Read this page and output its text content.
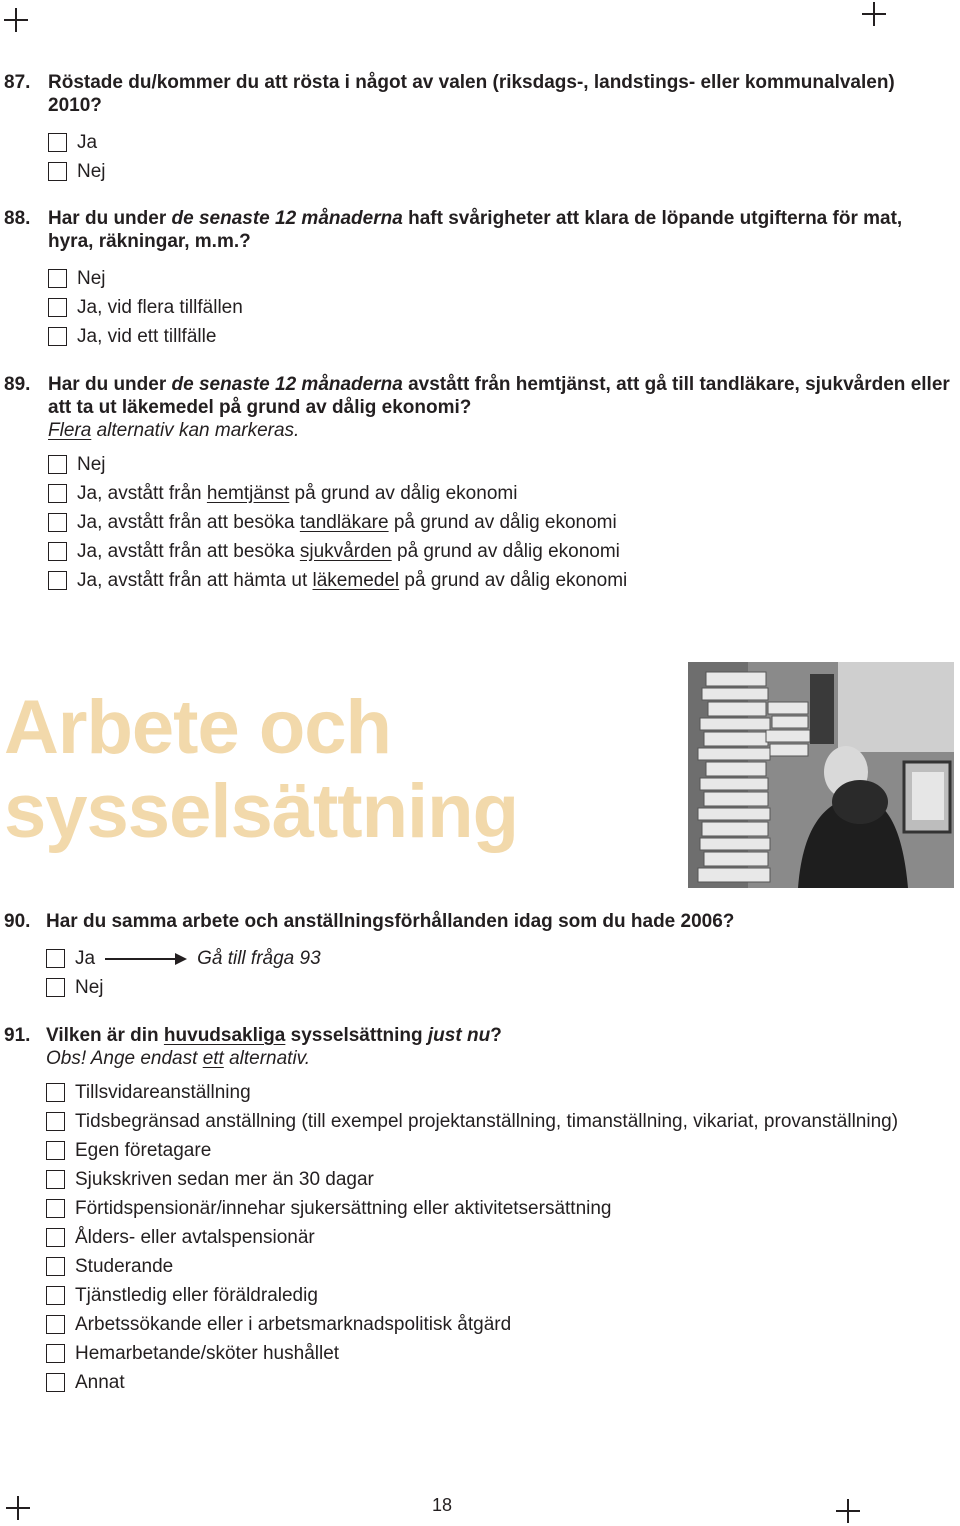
87. Röstade du/kommer du att rösta i något av valen (riksdags-, landstings- eller kommunalvalen) 2010?
Ja
Nej
88. Har du under de senaste 12 månaderna haft svårigheter att klara de löpande utgifterna för mat, hyra, räkningar, m.m.?
Nej
Ja, vid flera tillfällen
Ja, vid ett tillfälle
89. Har du under de senaste 12 månaderna avstått från hemtjänst, att gå till tandläkare, sjukvården eller att ta ut läkemedel på grund av dålig ekonomi?
Flera alternativ kan markeras.
Nej
Ja, avstått från hemtjänst på grund av dålig ekonomi
Ja, avstått från att besöka tandläkare på grund av dålig ekonomi
Ja, avstått från att besöka sjukvården på grund av dålig ekonomi
Ja, avstått från att hämta ut läkemedel på grund av dålig ekonomi
Arbete och
sysselsättning
90. Har du samma arbete och anställningsförhållanden idag som du hade 2006?
Ja	Gå till fråga 93
Nej
91. Vilken är din huvudsakliga sysselsättning just nu?
Obs! Ange endast ett alternativ.
Tillsvidareanställning
Tidsbegränsad anställning (till exempel projektanställning, timanställning, vikariat, provanställning)
Egen företagare
Sjukskriven sedan mer än 30 dagar
Förtidspensionär/innehar sjukersättning eller aktivitetsersättning
Ålders- eller avtalspensionär
Studerande
Tjänstledig eller föräldraledig
Arbetssökande eller i arbetsmarknadspolitisk åtgärd
Hemarbetande/sköter hushållet
Annat
18
